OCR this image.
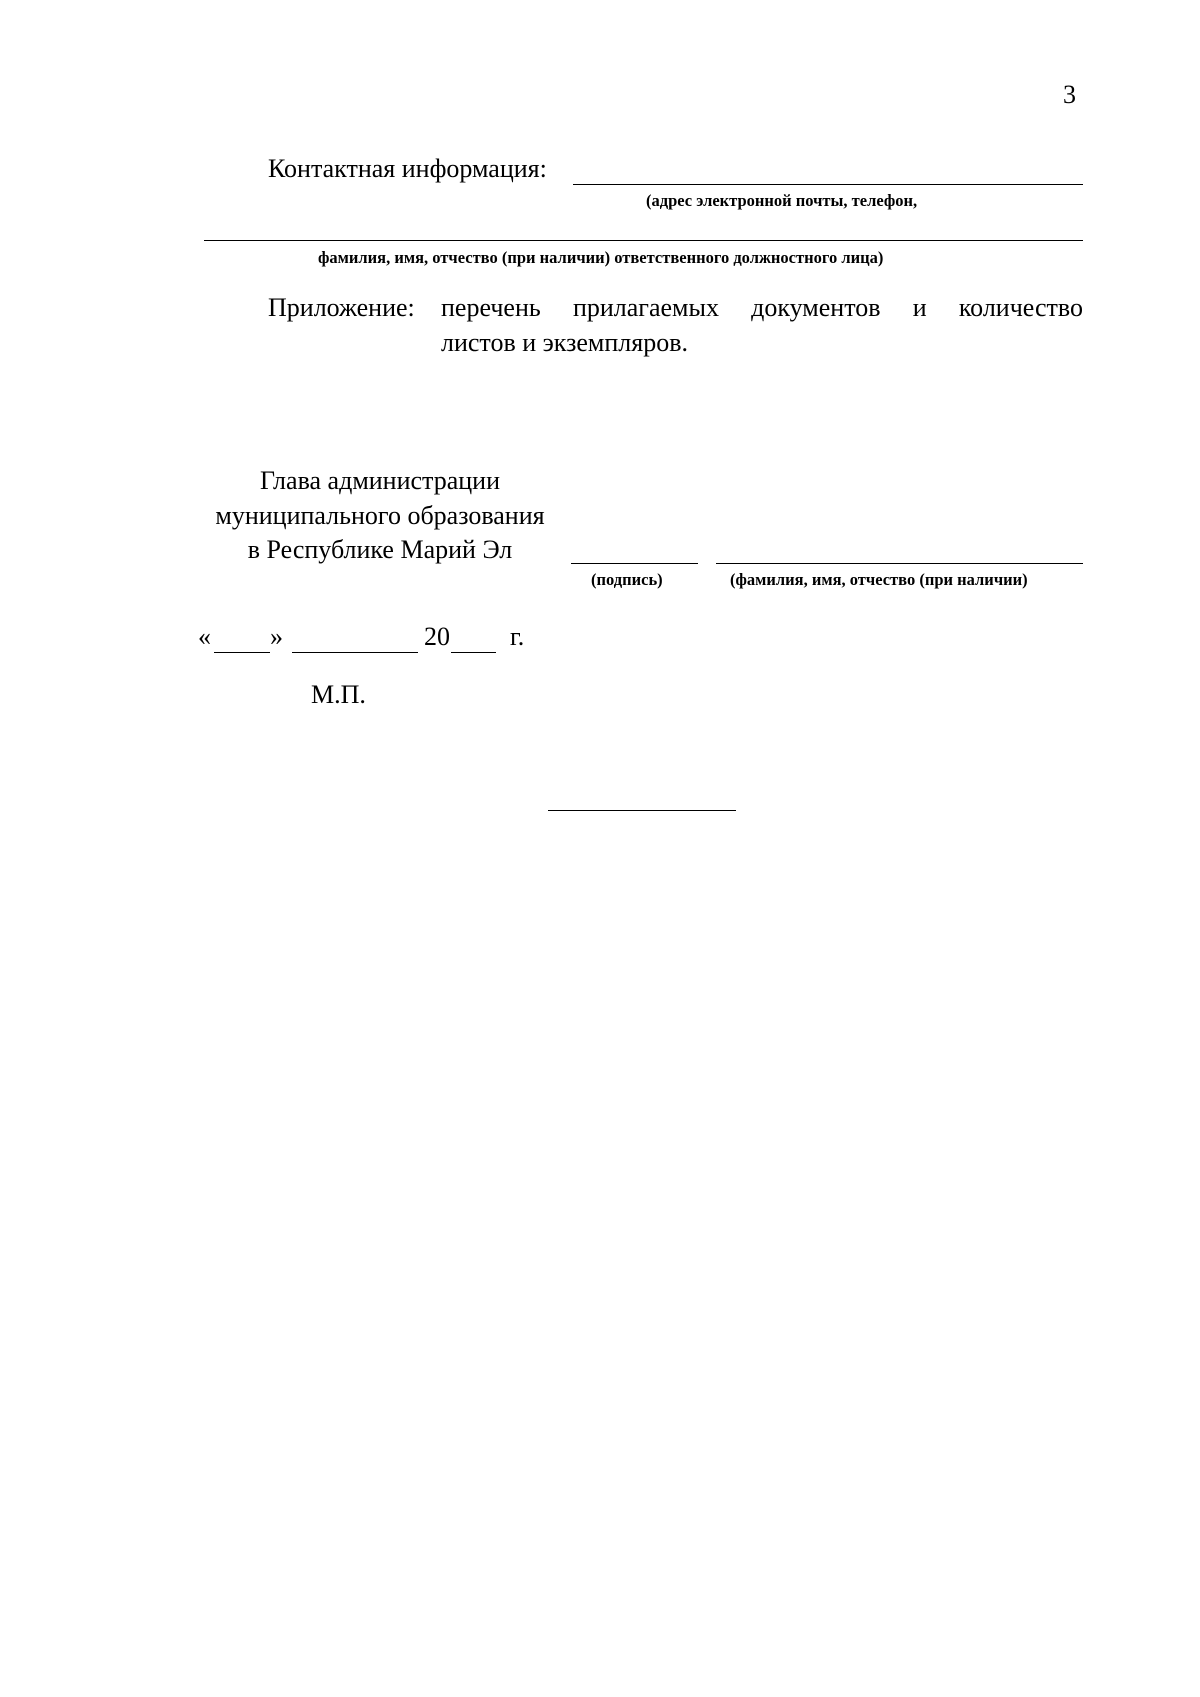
3
Контактная информация:
(адрес электронной почты, телефон,
фамилия, имя, отчество (при наличии) ответственного должностного лица)
Приложение: перечень прилагаемых документов и количество
листов и экземпляров.
Глава администрации
муниципального образования
в Республике Марий Эл
(подпись)	(фамилия, имя, отчество (при наличии)
« »	20 г.
М.П.
